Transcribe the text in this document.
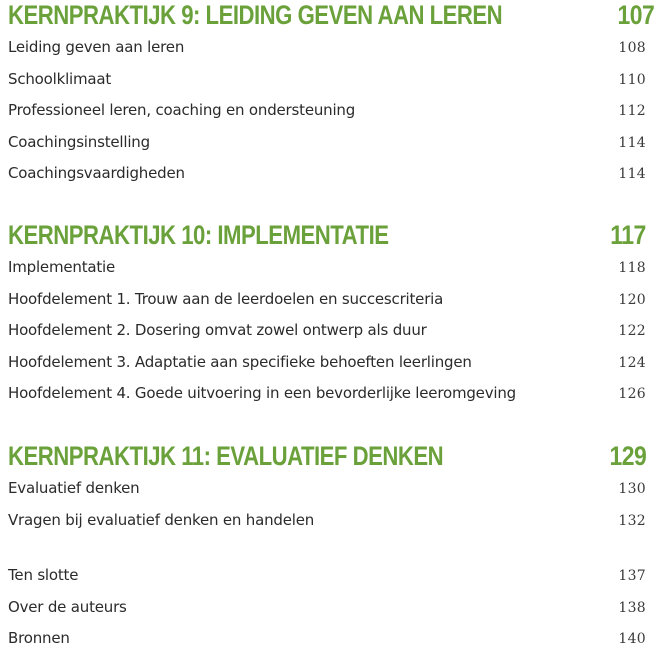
KERNPRAKTIJK 9: LEIDING GEVEN AAN LEREN	107
Leiding geven aan leren	108
Schoolklimaat	110
Professioneel leren, coaching en ondersteuning	112
Coachingsinstelling	114
Coachingsvaardigheden	114
KERNPRAKTIJK 10: IMPLEMENTATIE	117
Implementatie	118
Hoofdelement 1. Trouw aan de leerdoelen en succescriteria	120
Hoofdelement 2. Dosering omvat zowel ontwerp als duur	122
Hoofdelement 3. Adaptatie aan specifieke behoeften leerlingen	124
Hoofdelement 4. Goede uitvoering in een bevorderlijke leeromgeving	126
KERNPRAKTIJK 11: EVALUATIEF DENKEN	129
Evaluatief denken	130
Vragen bij evaluatief denken en handelen	132
Ten slotte	137
Over de auteurs	138
Bronnen	140
